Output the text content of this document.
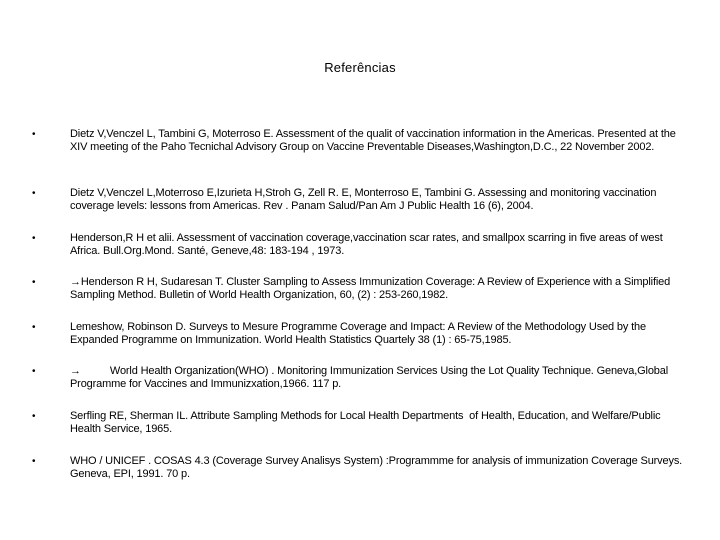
Referências
•	Dietz V,Venczel L, Tambini G, Moterroso E. Assessment of the qualit of vaccination information in the Americas. Presented at the XIV meeting of the Paho Tecnichal Advisory Group on Vaccine Preventable Diseases,Washington,D.C., 22 November 2002.
•	Dietz V,Venczel L,Moterroso E,Izurieta H,Stroh G, Zell R. E, Monterroso E, Tambini G. Assessing and monitoring vaccination coverage levels: lessons from Americas. Rev . Panam Salud/Pan Am J Public Health 16 (6), 2004.
•	Henderson,R H et alii. Assessment of vaccination coverage,vaccination scar rates, and smallpox scarring in five areas of west Africa. Bull.Org.Mond. Santé, Geneve,48: 183-194 , 1973.
•	→Henderson R H, Sudaresan T. Cluster Sampling to Assess Immunization Coverage: A Review of Experience with a Simplified Sampling Method. Bulletin of World Health Organization, 60, (2) : 253-260,1982.
•	Lemeshow, Robinson D. Surveys to Mesure Programme Coverage and Impact: A Review of the Methodology Used by the Expanded Programme on Immunization. World Health Statistics Quartely 38 (1) : 65-75,1985.
•	→          World Health Organization(WHO) . Monitoring Immunization Services Using the Lot Quality Technique. Geneva,Global Programme for Vaccines and Immunizxation,1966. 117 p.
•	Serfling RE, Sherman IL. Attribute Sampling Methods for Local Health Departments  of Health, Education, and Welfare/Public Health Service, 1965.
•	WHO / UNICEF . COSAS 4.3 (Coverage Survey Analisys System) :Programmme for analysis of immunization Coverage Surveys. Geneva, EPI, 1991. 70 p.
